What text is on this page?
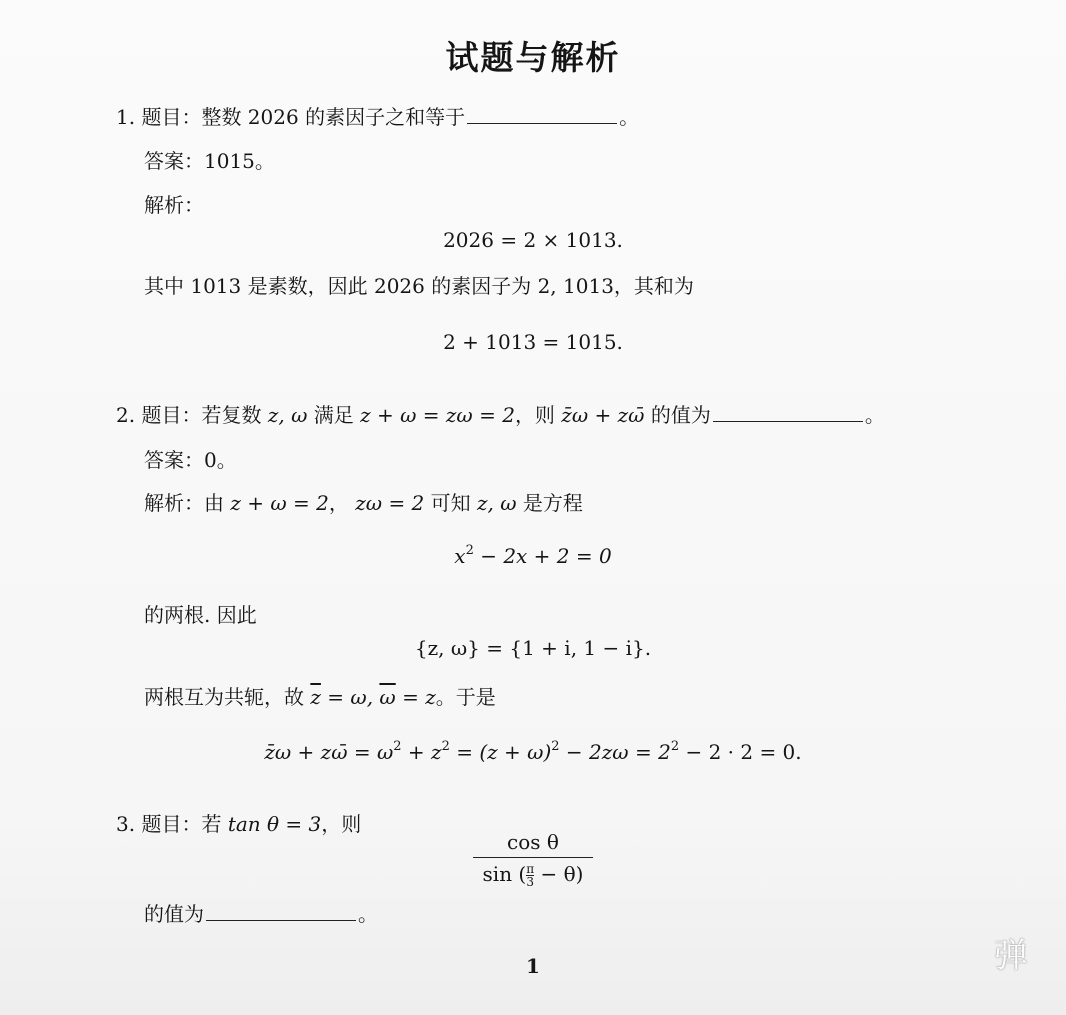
试题与解析
1. 题目：整数 2026 的素因子之和等于	。
答案：1015。
解析：
2026 = 2 × 1013.
其中 1013 是素数，因此 2026 的素因子为 2, 1013，其和为
2 + 1013 = 1015.
2. 题目：若复数 z, ω 满足 z + ω = zω = 2，则 z̄ω + zω̄ 的值为	。
答案：0。
解析：由 z + ω = 2， zω = 2 可知 z, ω 是方程
$x^2 - 2x + 2 = 0$
的两根. 因此
{z, ω} = {1 + i, 1 − i}.
两根互为共轭，故 $\overline{z} = \omega$, $\overline{\omega} = z$。于是
z̄ω + zω̄ = $\omega^2 + z^2 = (z + \omega)^2 - 2z\omega = 2^2 - 2 \cdot 2 = 0$.
3. 题目：若 tan θ = 3，则
$\frac{\text{cos θ}}{\sin ( \frac{\pi}{3} - \theta)}$
的值为	。
1	弹
